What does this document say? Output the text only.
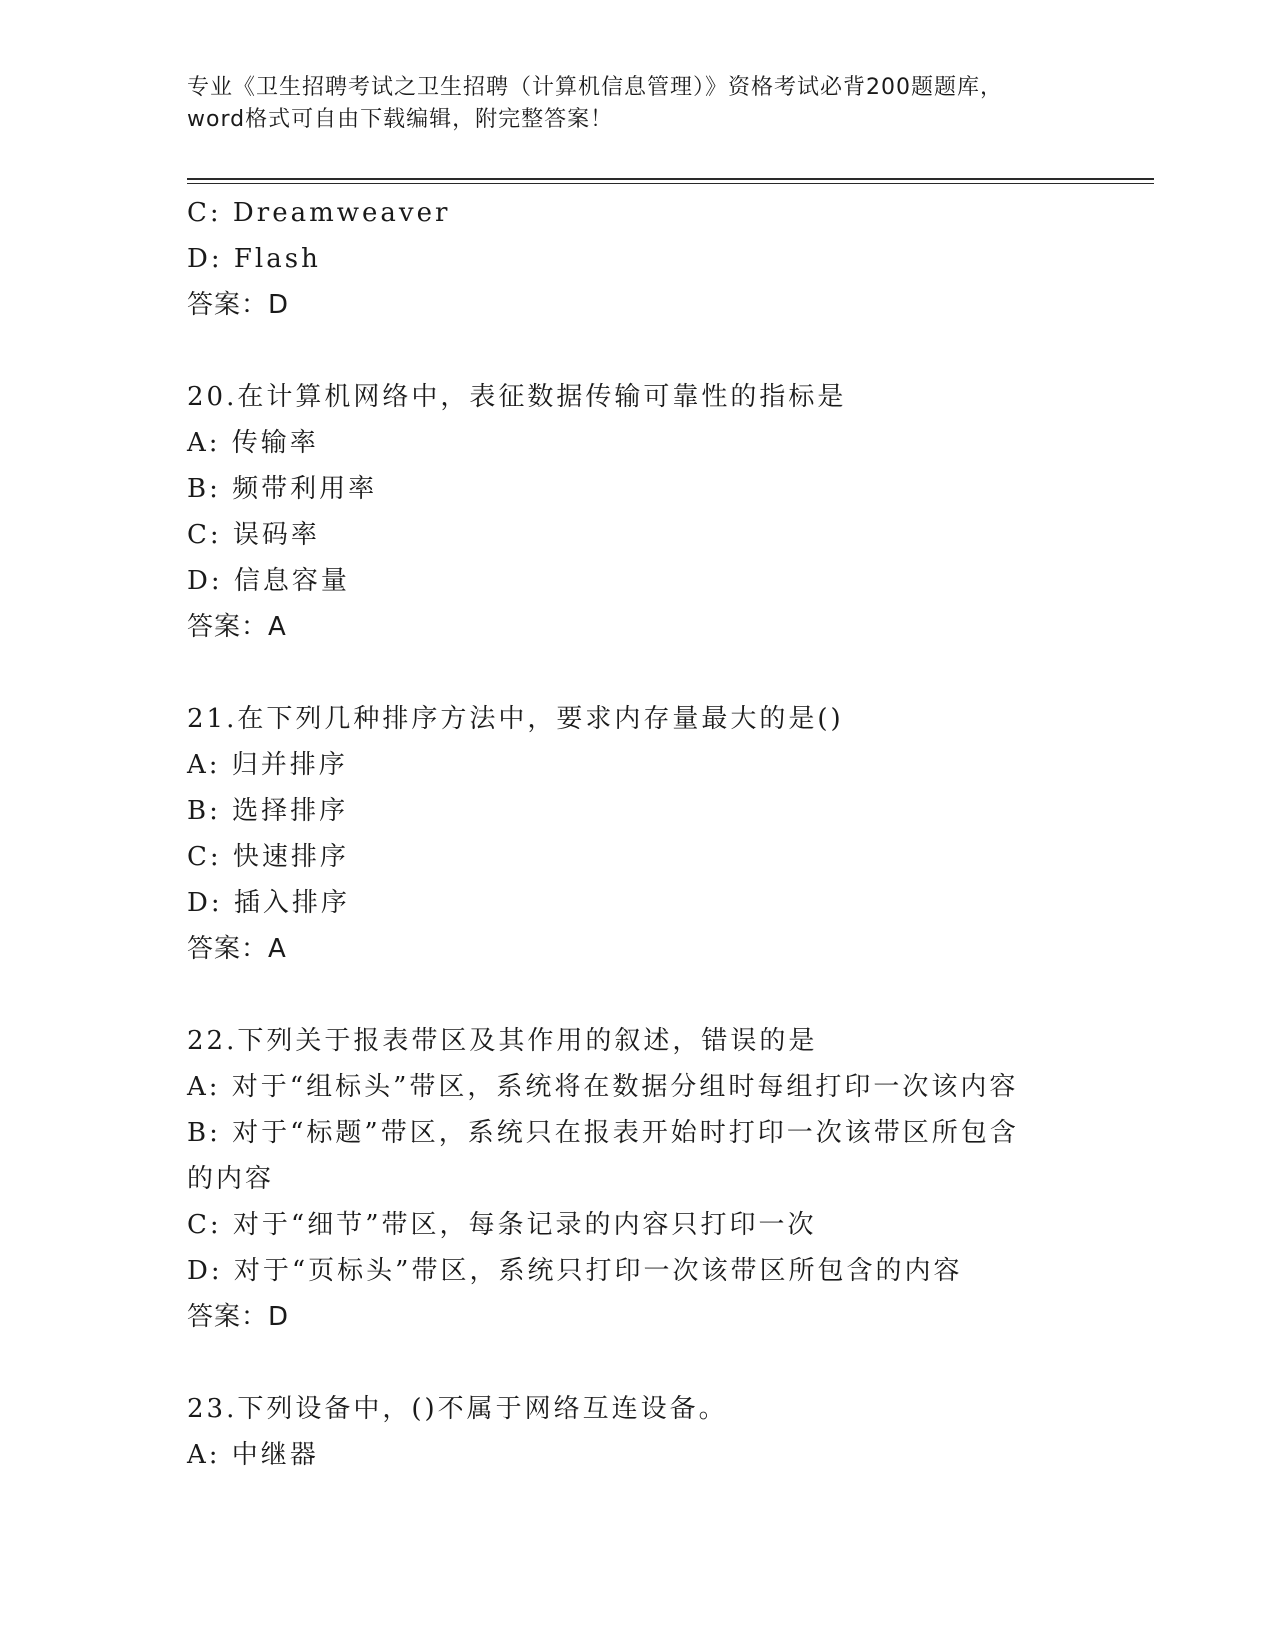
专业《卫生招聘考试之卫生招聘（计算机信息管理）》资格考试必背200题题库，
word格式可自由下载编辑，附完整答案！
C: Dreamweaver
D: Flash
答案：D
20.在计算机网络中，表征数据传输可靠性的指标是
A: 传输率
B: 频带利用率
C: 误码率
D: 信息容量
答案：A
21.在下列几种排序方法中，要求内存量最大的是()
A: 归并排序
B: 选择排序
C: 快速排序
D: 插入排序
答案：A
22.下列关于报表带区及其作用的叙述，错误的是
A: 对于“组标头”带区，系统将在数据分组时每组打印一次该内容
B: 对于“标题”带区，系统只在报表开始时打印一次该带区所包含的内容
C: 对于“细节”带区，每条记录的内容只打印一次
D: 对于“页标头”带区，系统只打印一次该带区所包含的内容
答案：D
23.下列设备中，()不属于网络互连设备。
A: 中继器
